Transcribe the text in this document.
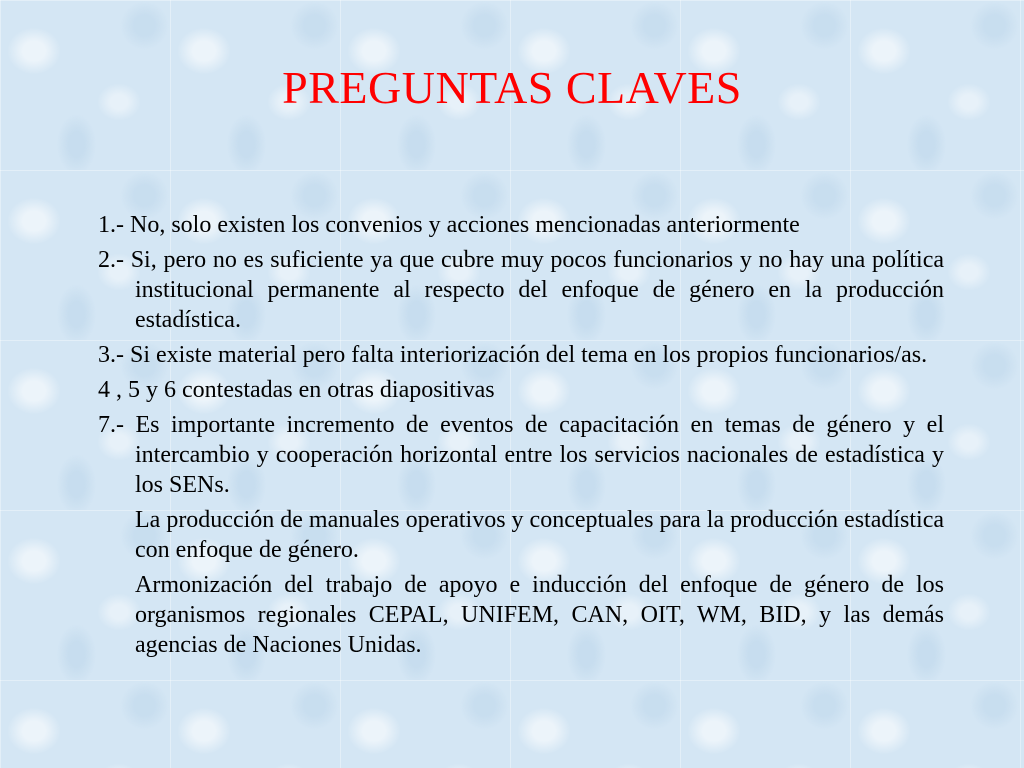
PREGUNTAS CLAVES

1.- No, solo existen los convenios y acciones mencionadas anteriormente

2.- Si, pero no es suficiente ya que cubre muy pocos funcionarios y no hay una política institucional permanente al respecto del enfoque de género en la producción estadística.

3.- Si existe material pero falta interiorización del tema en los propios funcionarios/as.

4 , 5 y 6 contestadas en otras diapositivas

7.- Es importante incremento de eventos de capacitación en temas de género y el intercambio y cooperación horizontal entre los servicios nacionales de estadística y los SENs.

La producción de manuales operativos y conceptuales para la producción estadística con enfoque de género.

Armonización del trabajo de apoyo e inducción del enfoque de género de los organismos regionales CEPAL, UNIFEM, CAN, OIT, WM, BID, y las demás agencias de Naciones Unidas.
